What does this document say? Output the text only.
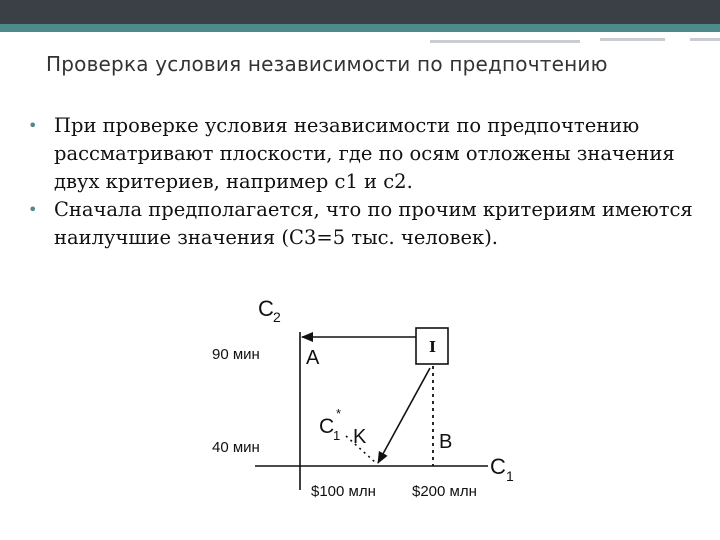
Проверка условия независимости по предпочтению
• При проверке условия независимости по предпочтению рассматривают плоскости, где по осям отложены значения двух критериев, например с1 и с2.
• Сначала предполагается, что по прочим критериям имеются наилучшие значения (С3=5 тыс. человек).
C 2
C 1
90 мин
40 мин
$100 млн $200 млн
I
A
C
1
*
K	B
